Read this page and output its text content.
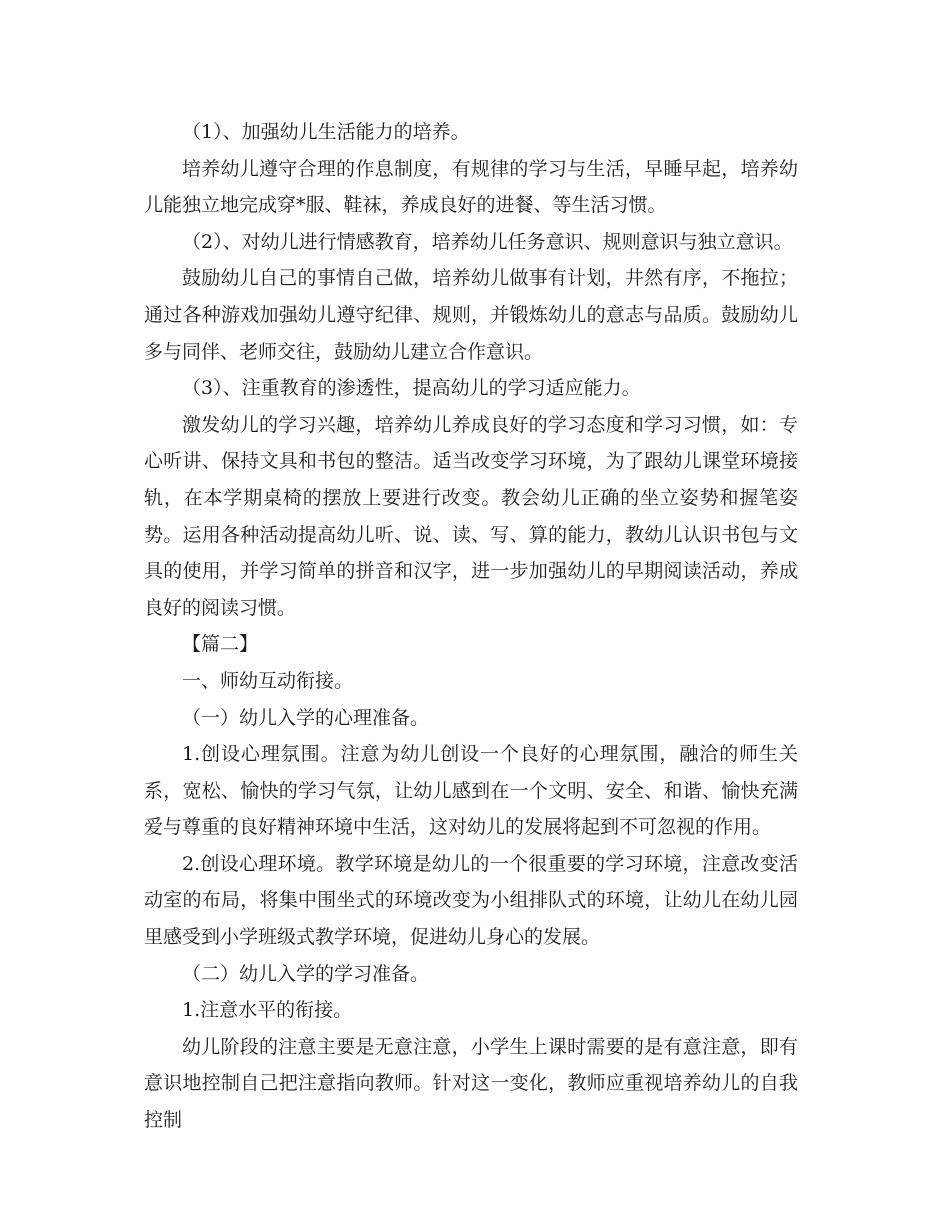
（1）、加强幼儿生活能力的培养。

培养幼儿遵守合理的作息制度，有规律的学习与生活，早睡早起，培养幼儿能独立地完成穿*服、鞋袜，养成良好的进餐、等生活习惯。

（2）、对幼儿进行情感教育，培养幼儿任务意识、规则意识与独立意识。

鼓励幼儿自己的事情自己做，培养幼儿做事有计划，井然有序，不拖拉；通过各种游戏加强幼儿遵守纪律、规则，并锻炼幼儿的意志与品质。鼓励幼儿多与同伴、老师交往，鼓励幼儿建立合作意识。

（3）、注重教育的渗透性，提高幼儿的学习适应能力。

激发幼儿的学习兴趣，培养幼儿养成良好的学习态度和学习习惯，如：专心听讲、保持文具和书包的整洁。适当改变学习环境，为了跟幼儿课堂环境接轨，在本学期桌椅的摆放上要进行改变。教会幼儿正确的坐立姿势和握笔姿势。运用各种活动提高幼儿听、说、读、写、算的能力，教幼儿认识书包与文具的使用，并学习简单的拼音和汉字，进一步加强幼儿的早期阅读活动，养成良好的阅读习惯。

【篇二】

一、师幼互动衔接。

（一）幼儿入学的心理准备。

1.创设心理氛围。注意为幼儿创设一个良好的心理氛围，融洽的师生关系，宽松、愉快的学习气氛，让幼儿感到在一个文明、安全、和谐、愉快充满爱与尊重的良好精神环境中生活，这对幼儿的发展将起到不可忽视的作用。

2.创设心理环境。教学环境是幼儿的一个很重要的学习环境，注意改变活动室的布局，将集中围坐式的环境改变为小组排队式的环境，让幼儿在幼儿园里感受到小学班级式教学环境，促进幼儿身心的发展。

（二）幼儿入学的学习准备。

1.注意水平的衔接。

幼儿阶段的注意主要是无意注意，小学生上课时需要的是有意注意，即有意识地控制自己把注意指向教师。针对这一变化，教师应重视培养幼儿的自我控制
